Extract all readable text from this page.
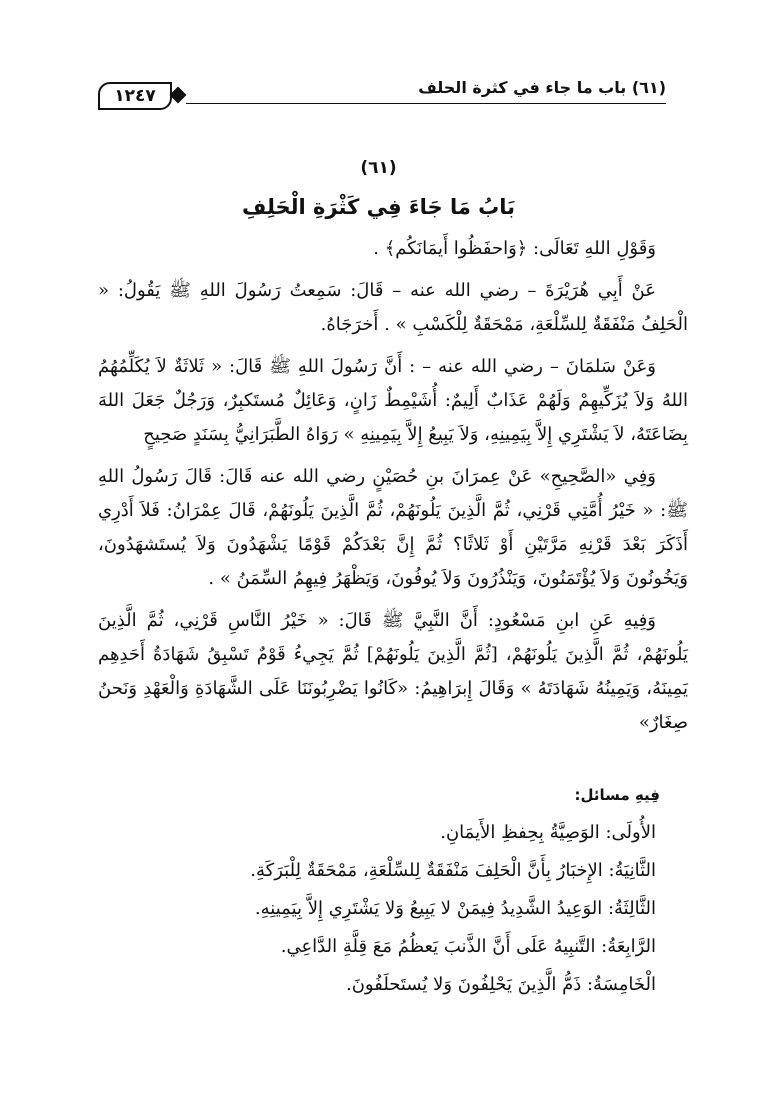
١٢٤٧	(٦١) باب ما جاء في كثرة الحلف
(٦١)
بَابُ مَا جَاءَ فِي كَثْرَةِ الْحَلِفِ

وَقَوْلِ اللهِ تَعَالَى: ﴿وَاحفَظُوا أَيمَانَكُم﴾ .

عَنْ أَبِي هُرَيْرَةَ – رضي الله عنه – قَالَ: سَمِعتُ رَسُولَ اللهِ ﷺ يَقُولُ: « الْحَلِفُ مَنْفَقَةٌ لِلسِّلْعَةِ، مَمْحَقَةٌ لِلْكَسْبِ » . أَخرَجَاهُ.

وَعَنْ سَلمَانَ – رضي الله عنه – : أَنَّ رَسُولَ اللهِ ﷺ قَالَ: « ثَلاثَةٌ لاَ يُكَلِّمُهُمُ اللهُ وَلاَ يُزَكِّيهِمْ وَلَهُمْ عَذَابٌ أَلِيمٌ: أُشَيْمِطٌ زَانٍ، وَعَائِلٌ مُستَكبِرٌ، وَرَجُلٌ جَعَلَ اللهَ بِضَاعَتَهُ، لاَ يَشْتَرِي إِلاَّ بِيَمِينِهِ، وَلاَ يَبِيعُ إِلاَّ بِيَمِينِهِ » رَوَاهُ الطَّبَرَانِيُّ بِسَنَدٍ صَحِيحٍ

وَفِي «الصَّحِيحِ» عَنْ عِمرَانَ بنِ حُصَيْنٍ رضي الله عنه قَالَ: قَالَ رَسُولُ اللهِ ﷺ: « خَيْرُ أُمَّتِي قَرْنِي، ثُمَّ الَّذِينَ يَلُونَهُمْ، ثُمَّ الَّذِينَ يَلُونَهُمْ، قَالَ عِمْرَانُ: فَلاَ أَدْرِي أَذَكَرَ بَعْدَ قَرْنِهِ مَرَّتَيْنِ أَوْ ثَلاثًا؟ ثُمَّ إِنَّ بَعْدَكُمْ قَوْمًا يَشْهَدُونَ وَلاَ يُستَشهَدُونَ، وَيَخُونُونَ وَلاَ يُؤْتَمَنُونَ، وَيَنْذُرُونَ وَلاَ يُوفُونَ، وَيَظْهَرُ فِيهِمُ السِّمَنُ » .

وَفِيهِ عَنِ ابنِ مَسْعُودٍ: أَنَّ النَّبِيَّ ﷺ قَالَ: « خَيْرُ النَّاسِ قَرْنِي، ثُمَّ الَّذِينَ يَلُونَهُمْ، ثُمَّ الَّذِينَ يَلُونَهُمْ، [ثُمَّ الَّذِينَ يَلُونَهُمْ] ثُمَّ يَجِيءُ قَوْمٌ تَسْبِقُ شَهَادَةُ أَحَدِهِم يَمِينَهُ، وَيَمِينُهُ شَهَادَتَهُ » وَقَالَ إِبرَاهِيمُ: «كَانُوا يَضْرِبُونَنَا عَلَى الشَّهَادَةِ وَالْعَهْدِ وَنَحنُ صِغَارٌ»

فِيهِ مسائل:
الأُولَى: الوَصِيَّةُ بِحِفظِ الأَيمَانِ.
الثَّانِيَةُ: الإِخبَارُ بِأَنَّ الْحَلِفَ مَنْفَقَةٌ لِلسِّلْعَةِ، مَمْحَقَةٌ لِلْبَرَكَةِ.
الثَّالِثَةُ: الوَعِيدُ الشَّدِيدُ فِيمَنْ لا يَبِيعُ وَلا يَشْتَرِي إِلاَّ بِيَمِينِهِ.
الرَّابِعَةُ: التَّنبِيهُ عَلَى أَنَّ الذَّنبَ يَعظُمُ مَعَ قِلَّةِ الدَّاعِي.
الْخَامِسَةُ: ذَمُّ الَّذِينَ يَحْلِفُونَ وَلا يُستَحلَفُونَ.
